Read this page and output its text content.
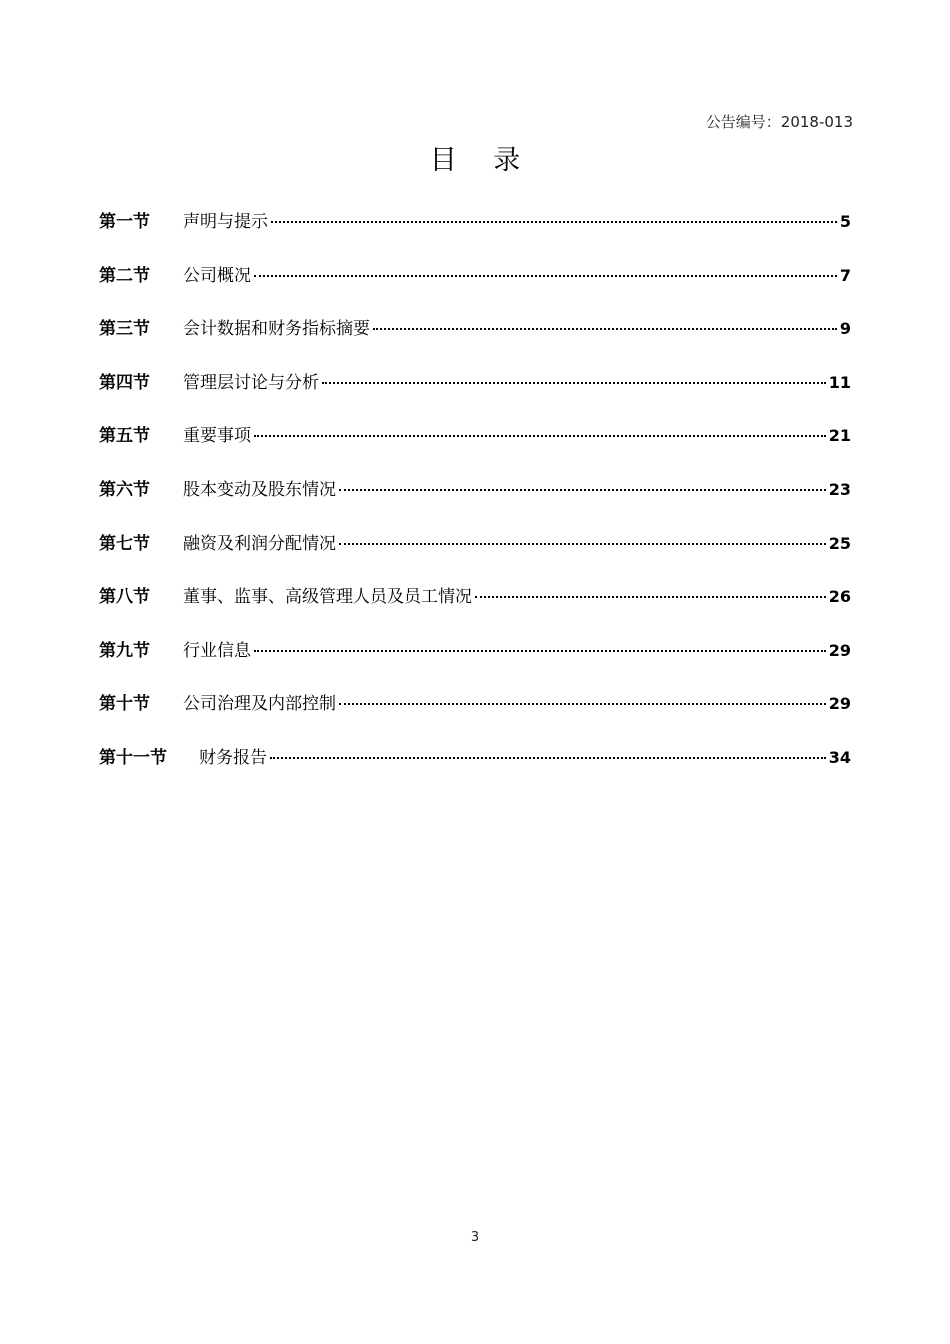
公告编号：2018-013
目 录
第一节	声明与提示	5
第二节	公司概况	7
第三节	会计数据和财务指标摘要	9
第四节	管理层讨论与分析	11
第五节	重要事项	21
第六节	股本变动及股东情况	23
第七节	融资及利润分配情况	25
第八节	董事、监事、高级管理人员及员工情况	26
第九节	行业信息	29
第十节	公司治理及内部控制	29
第十一节	财务报告	34
3
